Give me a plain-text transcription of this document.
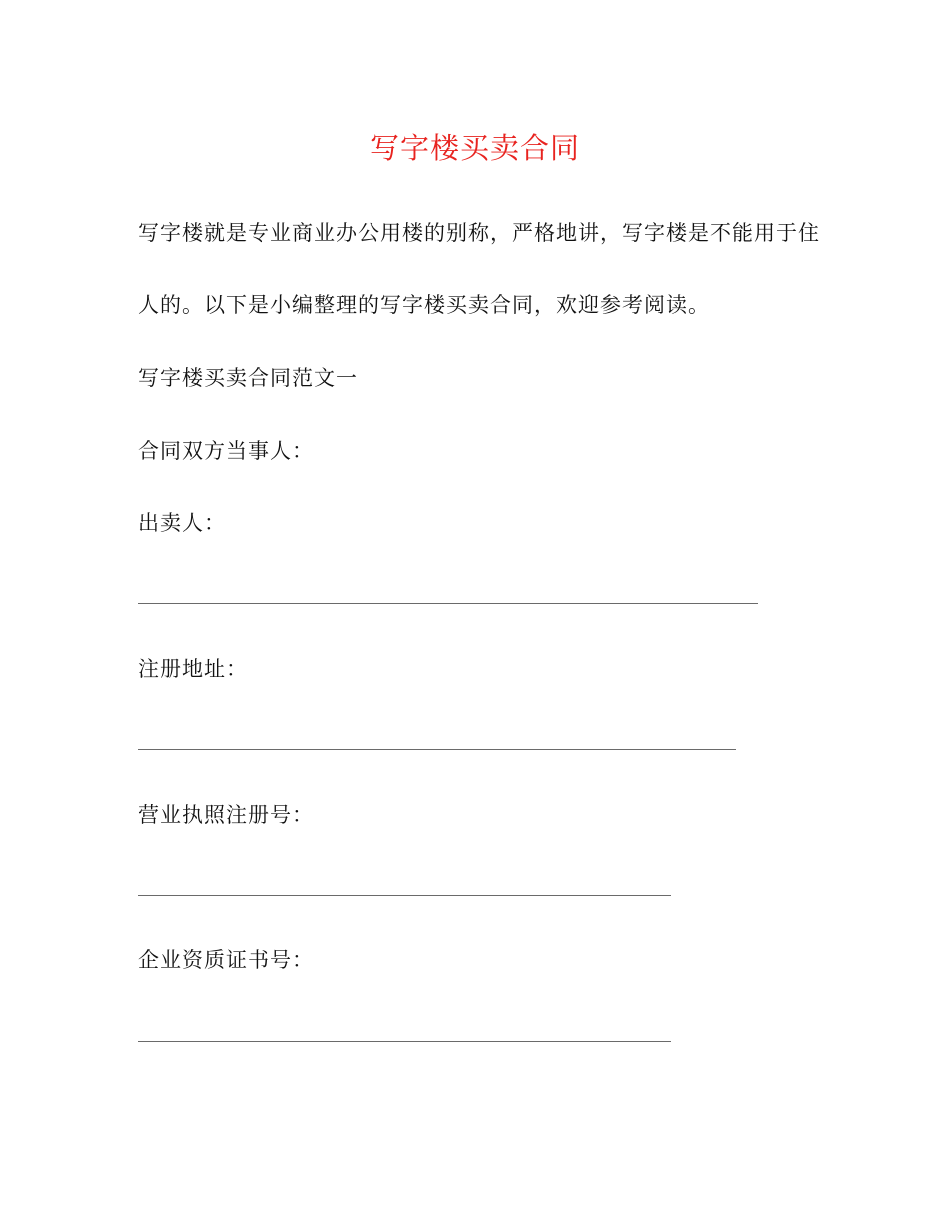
写字楼买卖合同
写字楼就是专业商业办公用楼的别称，严格地讲，写字楼是不能用于住
人的。以下是小编整理的写字楼买卖合同，欢迎参考阅读。
写字楼买卖合同范文一
合同双方当事人：
出卖人：
注册地址：
营业执照注册号：
企业资质证书号：
